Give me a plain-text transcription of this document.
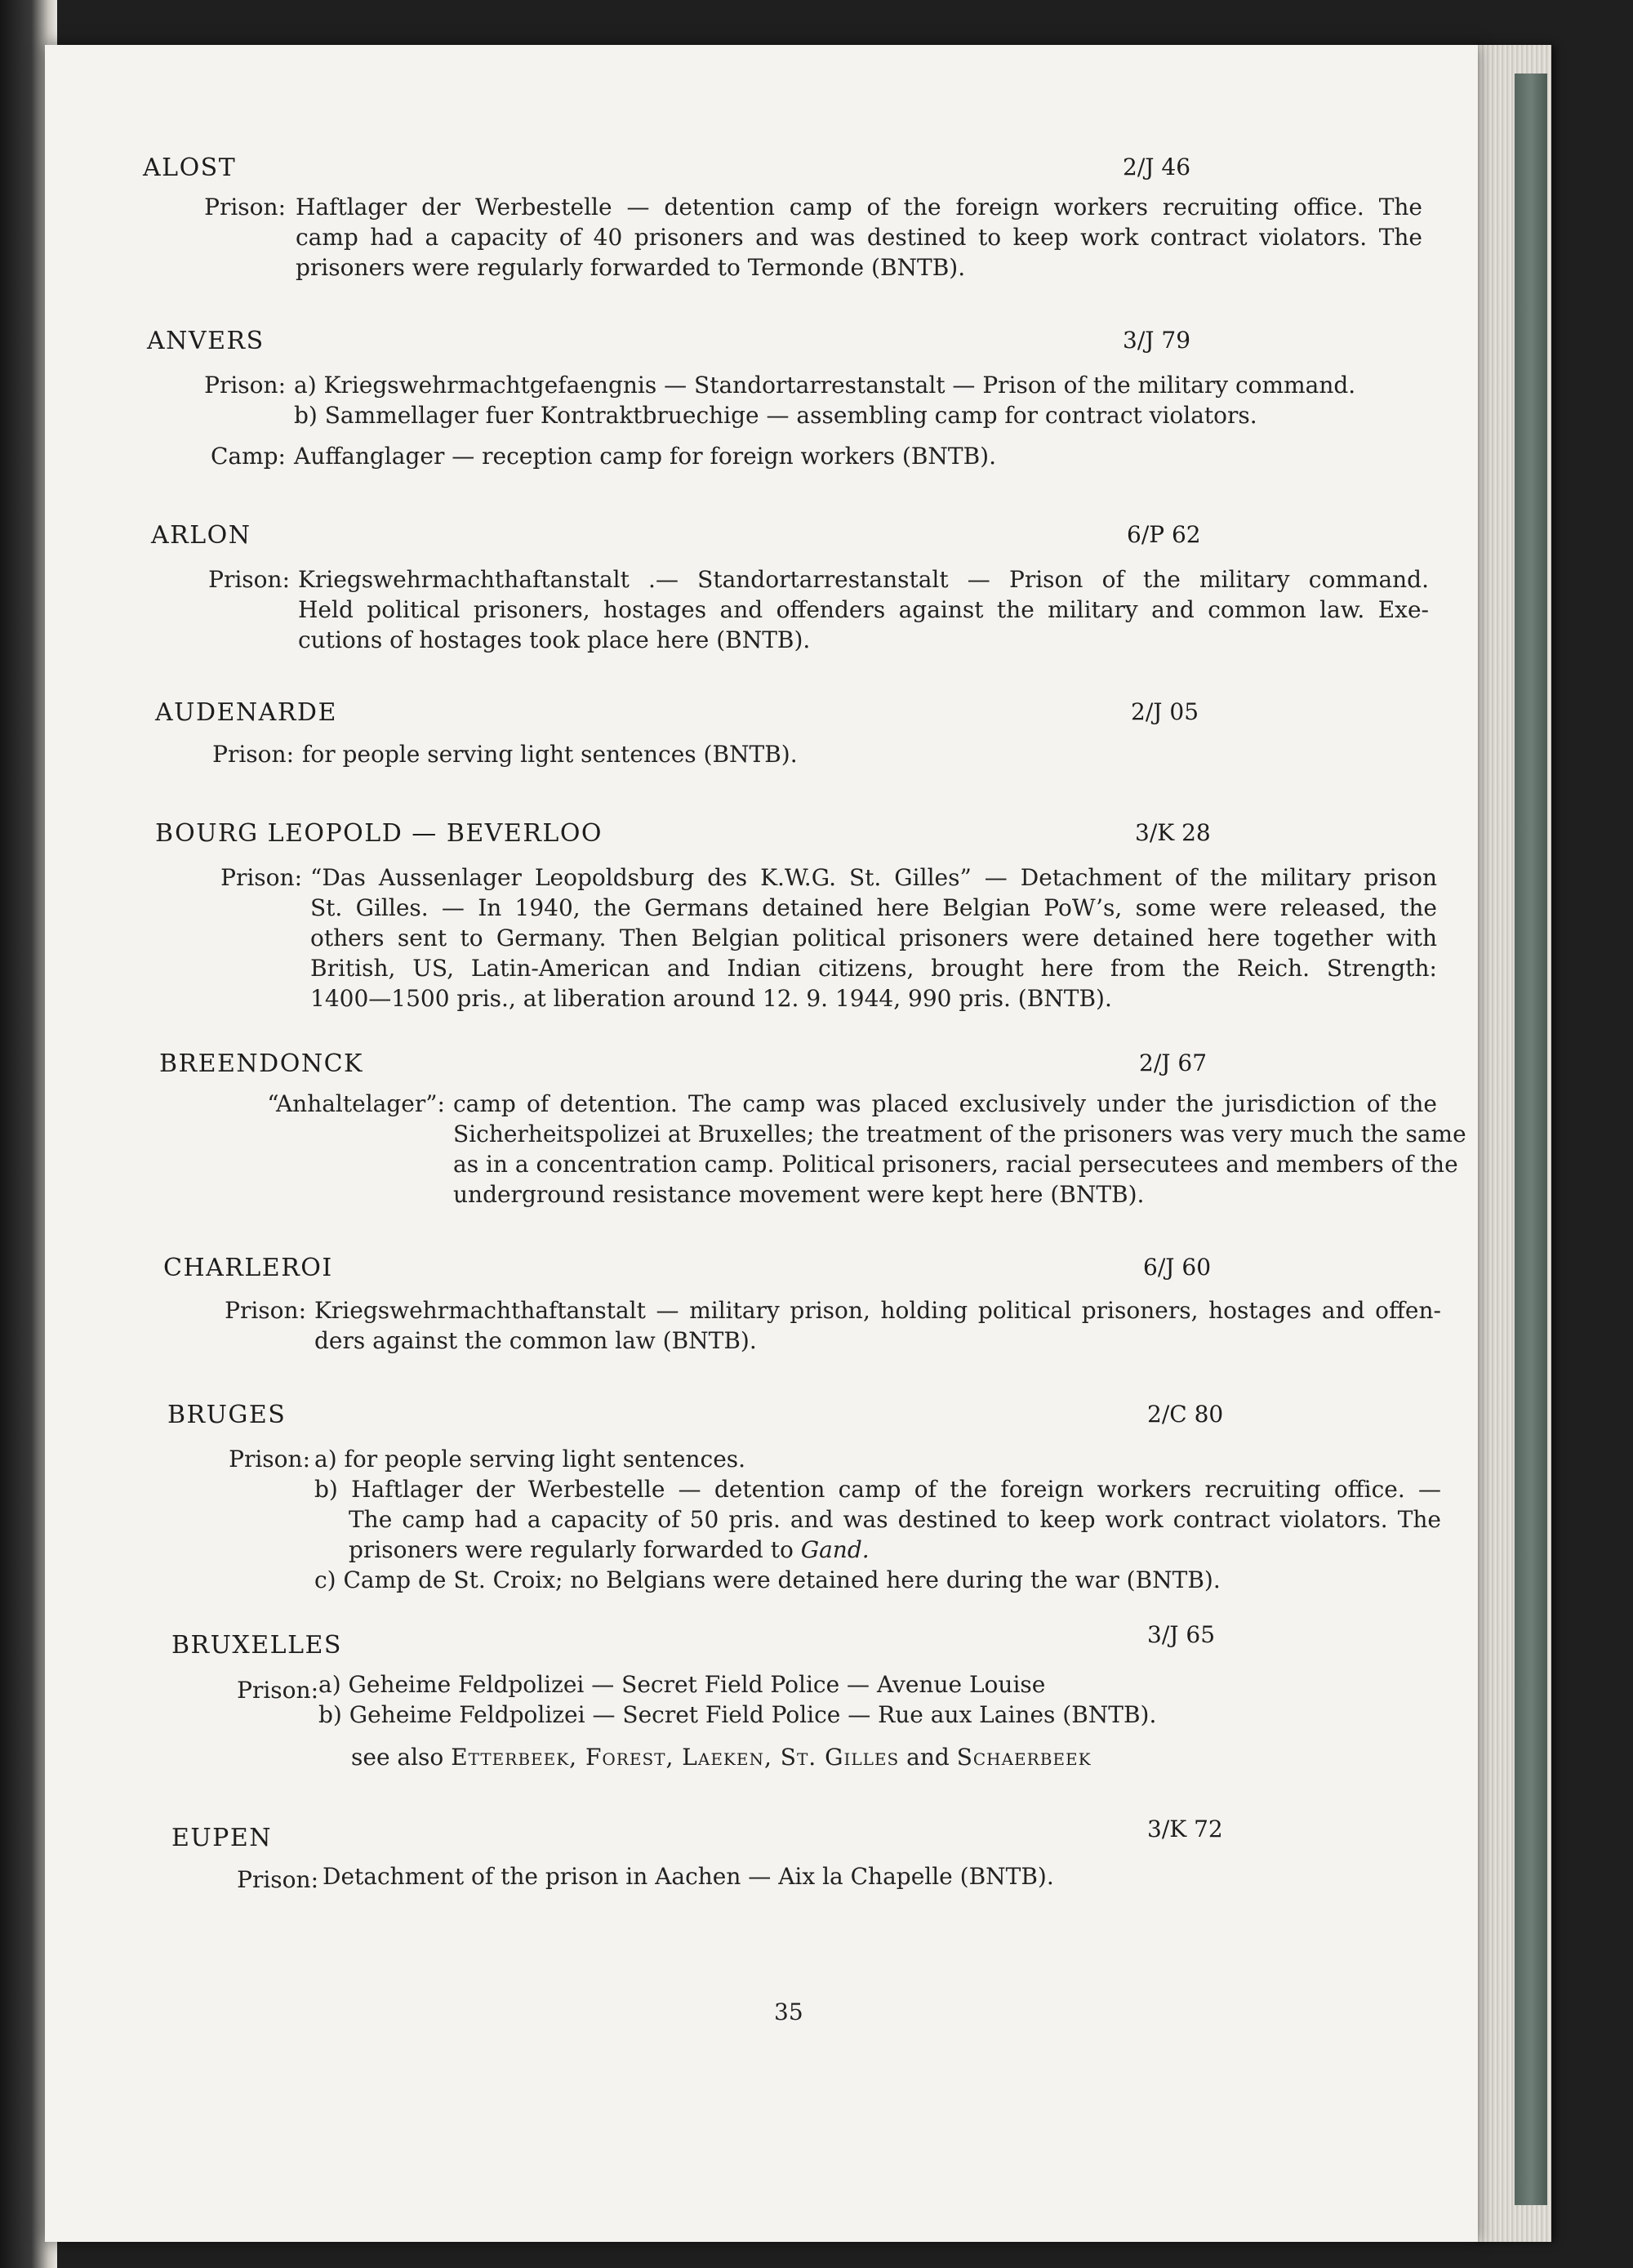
ALOST	2/J 46
Prison: Haftlager der Werbestelle — detention camp of the foreign workers recruiting office. The
camp had a capacity of 40 prisoners and was destined to keep work contract violators. The
prisoners were regularly forwarded to Termonde (BNTB).
ANVERS	3/J 79
Prison: a) Kriegswehrmachtgefaengnis — Standortarrestanstalt — Prison of the military command.
b) Sammellager fuer Kontraktbruechige — assembling camp for contract violators.
Camp: Auffanglager — reception camp for foreign workers (BNTB).
ARLON	6/P 62
Prison: Kriegswehrmachthaftanstalt .— Standortarrestanstalt — Prison of the military command.
Held political prisoners, hostages and offenders against the military and common law. Exe-
cutions of hostages took place here (BNTB).
AUDENARDE	2/J 05
Prison: for people serving light sentences (BNTB).
BOURG LEOPOLD — BEVERLOO	3/K 28
Prison: “Das Aussenlager Leopoldsburg des K.W.G. St. Gilles” — Detachment of the military prison
St. Gilles. — In 1940, the Germans detained here Belgian PoW’s, some were released, the
others sent to Germany. Then Belgian political prisoners were detained here together with
British, US, Latin-American and Indian citizens, brought here from the Reich. Strength:
1400—1500 pris., at liberation around 12. 9. 1944, 990 pris. (BNTB).
BREENDONCK	2/J 67
“Anhaltelager”: camp of detention. The camp was placed exclusively under the jurisdiction of the
Sicherheitspolizei at Bruxelles; the treatment of the prisoners was very much the same
as in a concentration camp. Political prisoners, racial persecutees and members of the
underground resistance movement were kept here (BNTB).
CHARLEROI	6/J 60
Prison: Kriegswehrmachthaftanstalt — military prison, holding political prisoners, hostages and offen-
ders against the common law (BNTB).
BRUGES	2/C 80
Prison: a) for people serving light sentences.
b) Haftlager der Werbestelle — detention camp of the foreign workers recruiting office. —
The camp had a capacity of 50 pris. and was destined to keep work contract violators. The
prisoners were regularly forwarded to Gand.
c) Camp de St. Croix; no Belgians were detained here during the war (BNTB).
BRUXELLES	3/J 65
Prison: a) Geheime Feldpolizei — Secret Field Police — Avenue Louise
b) Geheime Feldpolizei — Secret Field Police — Rue aux Laines (BNTB).
see also Etterbeek, Forest, Laeken, St. Gilles and Schaerbeek
EUPEN	3/K 72
Prison: Detachment of the prison in Aachen — Aix la Chapelle (BNTB).
35
